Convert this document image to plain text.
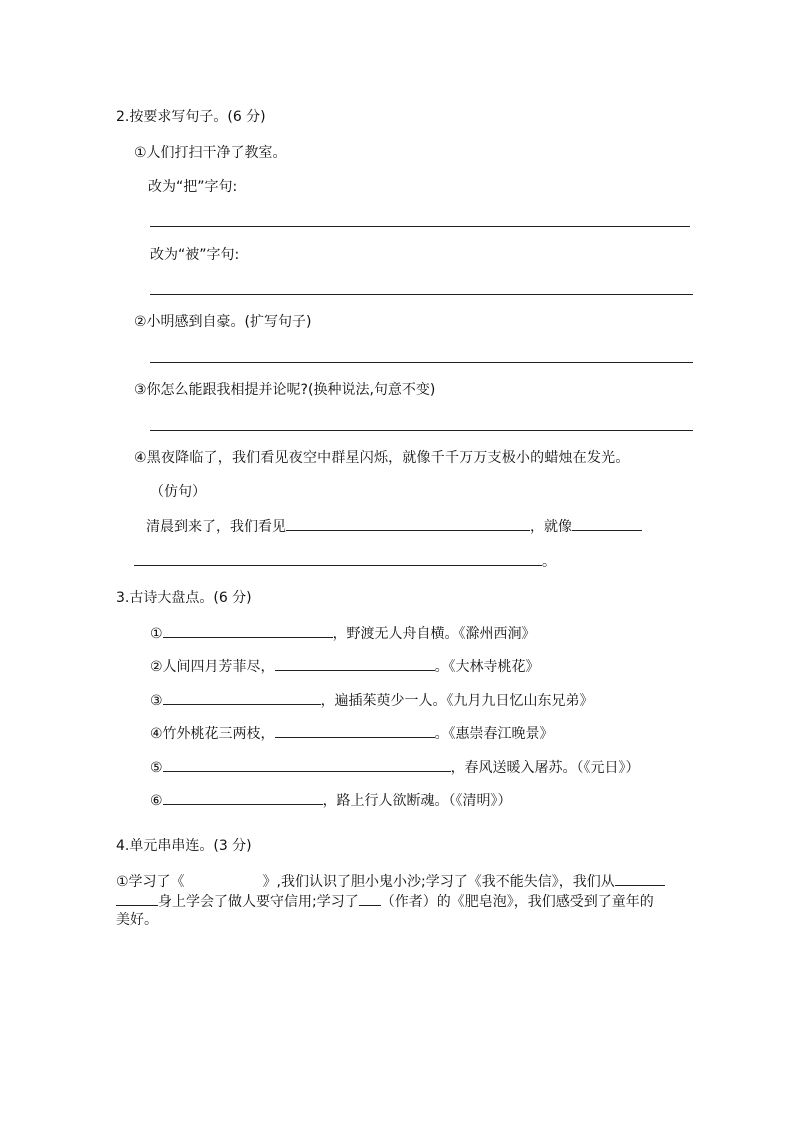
2.按要求写句子。(6 分)
①人们打扫干净了教室。
改为“把”字句:
改为“被”字句:
②小明感到自豪。(扩写句子)
③你怎么能跟我相提并论呢?(换种说法,句意不变)
④黑夜降临了，我们看见夜空中群星闪烁，就像千千万万支极小的蜡烛在发光。
（仿句）
清晨到来了，我们看见	，就像
。
3.古诗大盘点。(6 分)
①	，野渡无人舟自横。《滁州西涧》
②人间四月芳菲尽，	。《大林寺桃花》
③	，遍插茱萸少一人。《九月九日忆山东兄弟》
④竹外桃花三两枝，	。《惠崇春江晚景》
⑤	，春风送暖入屠苏。（《元日》）
⑥	，路上行人欲断魂。（《清明》）
4.单元串串连。(3 分)
①学习了《	》,我们认识了胆小鬼小沙;学习了《我不能失信》，我们从
身上学会了做人要守信用;学习了 （作者）的《肥皂泡》，我们感受到了童年的
美好。
